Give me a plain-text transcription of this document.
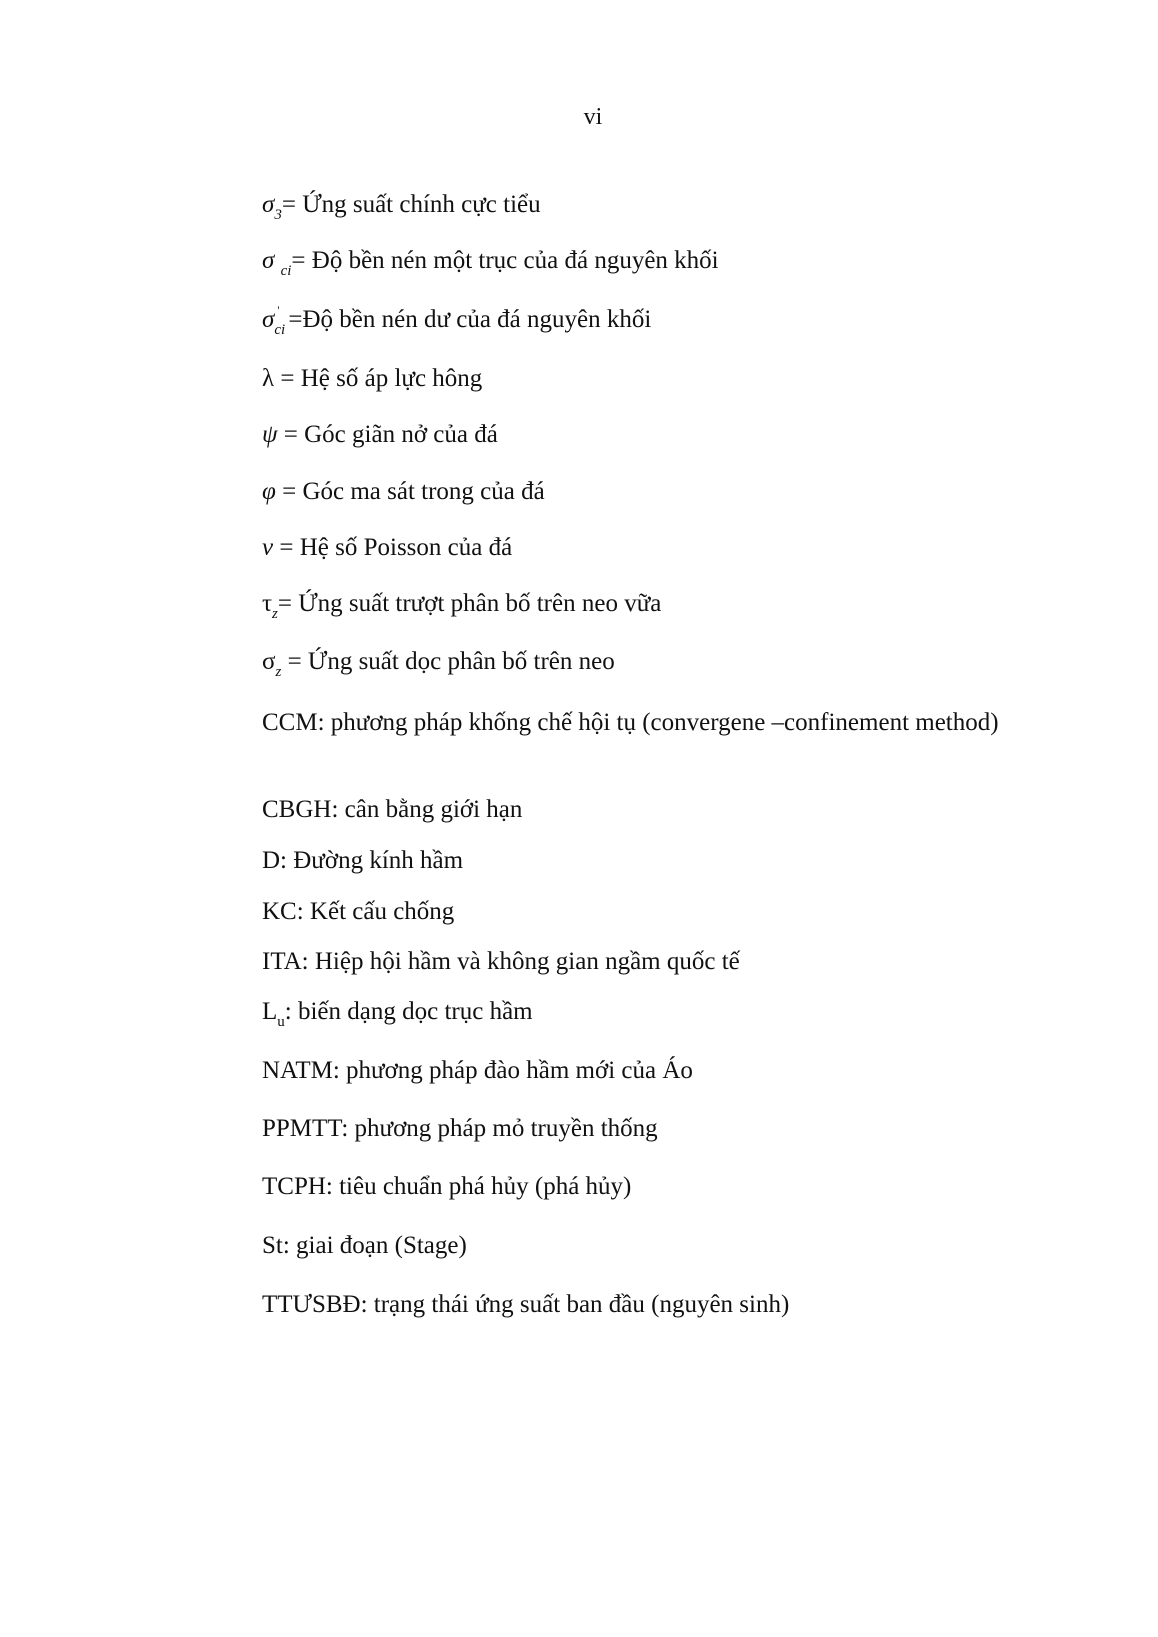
vi
$\sigma_3=$ Ứng suất chính cực tiểu
σ $_{ci}$= Độ bền nén một trục của đá nguyên khối
σ '
ci =Độ bền nén dư của đá nguyên khối
λ = Hệ số áp lực hông
ψ = Góc giãn nở của đá
φ = Góc ma sát trong của đá
ν = Hệ số Poisson của đá
$\tau_z=$ Ứng suất trượt phân bố trên neo vữa
$\sigma_z$ = Ứng suất dọc phân bố trên neo
CCM: phương pháp khống chế hội tụ (convergene –confinement method)
CBGH: cân bằng giới hạn
D: Đường kính hầm
KC: Kết cấu chống
ITA: Hiệp hội hầm và không gian ngầm quốc tế
$L_u$: biến dạng dọc trục hầm
NATM: phương pháp đào hầm mới của Áo
PPMTT: phương pháp mỏ truyền thống
TCPH: tiêu chuẩn phá hủy (phá hủy)
St: giai đoạn (Stage)
TTƯSBĐ: trạng thái ứng suất ban đầu (nguyên sinh)
